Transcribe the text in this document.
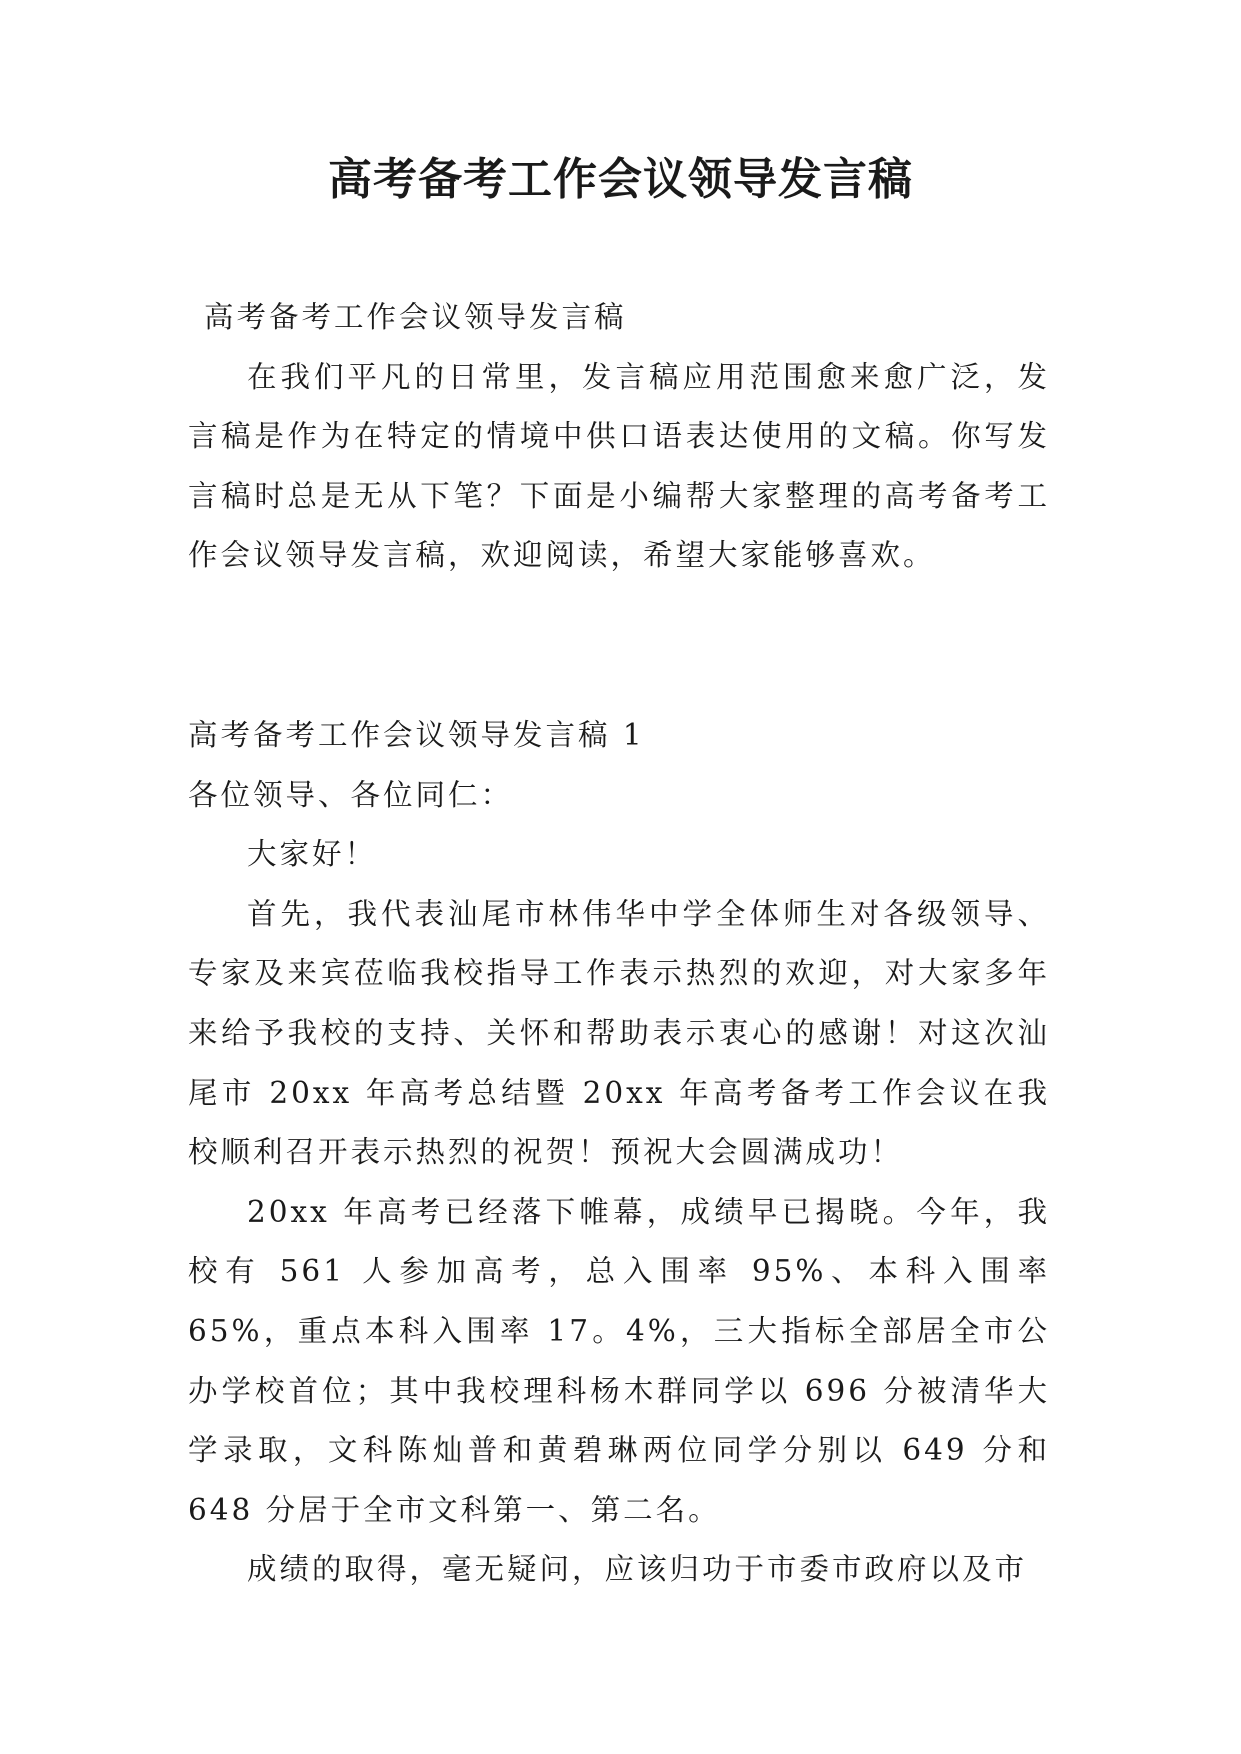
高考备考工作会议领导发言稿

高考备考工作会议领导发言稿

在我们平凡的日常里，发言稿应用范围愈来愈广泛，发言稿是作为在特定的情境中供口语表达使用的文稿。你写发言稿时总是无从下笔？下面是小编帮大家整理的高考备考工作会议领导发言稿，欢迎阅读，希望大家能够喜欢。

高考备考工作会议领导发言稿 1

各位领导、各位同仁：

大家好！

首先，我代表汕尾市林伟华中学全体师生对各级领导、专家及来宾莅临我校指导工作表示热烈的欢迎，对大家多年来给予我校的支持、关怀和帮助表示衷心的感谢！对这次汕尾市 20xx 年高考总结暨 20xx 年高考备考工作会议在我校顺利召开表示热烈的祝贺！预祝大会圆满成功！

20xx 年高考已经落下帷幕，成绩早已揭晓。今年，我校有 561 人参加高考，总入围率 95%、本科入围率 65%，重点本科入围率 17。4%，三大指标全部居全市公办学校首位；其中我校理科杨木群同学以 696 分被清华大学录取，文科陈灿普和黄碧琳两位同学分别以 649 分和 648 分居于全市文科第一、第二名。

成绩的取得，毫无疑问，应该归功于市委市政府以及市
